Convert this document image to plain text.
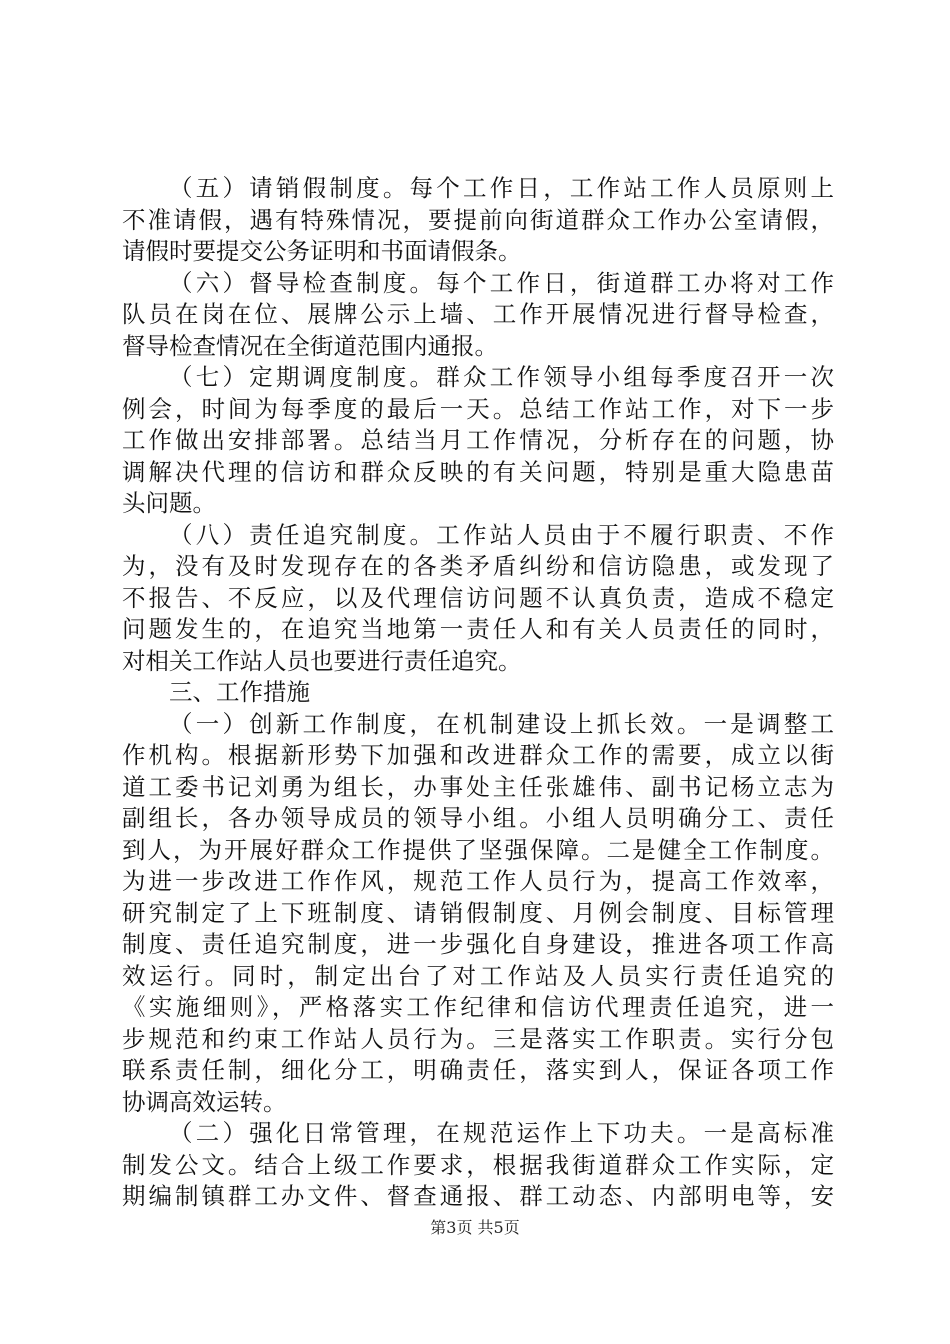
（五）请销假制度。每个工作日，工作站工作人员原则上
不准请假，遇有特殊情况，要提前向街道群众工作办公室请假，
请假时要提交公务证明和书面请假条。
（六）督导检查制度。每个工作日，街道群工办将对工作
队员在岗在位、展牌公示上墙、工作开展情况进行督导检查，
督导检查情况在全街道范围内通报。
（七）定期调度制度。群众工作领导小组每季度召开一次
例会，时间为每季度的最后一天。总结工作站工作，对下一步
工作做出安排部署。总结当月工作情况，分析存在的问题，协
调解决代理的信访和群众反映的有关问题，特别是重大隐患苗
头问题。
（八）责任追究制度。工作站人员由于不履行职责、不作
为，没有及时发现存在的各类矛盾纠纷和信访隐患，或发现了
不报告、不反应，以及代理信访问题不认真负责，造成不稳定
问题发生的，在追究当地第一责任人和有关人员责任的同时，
对相关工作站人员也要进行责任追究。
三、工作措施
（一）创新工作制度，在机制建设上抓长效。一是调整工
作机构。根据新形势下加强和改进群众工作的需要，成立以街
道工委书记刘勇为组长，办事处主任张雄伟、副书记杨立志为
副组长，各办领导成员的领导小组。小组人员明确分工、责任
到人，为开展好群众工作提供了坚强保障。二是健全工作制度。
为进一步改进工作作风，规范工作人员行为，提高工作效率，
研究制定了上下班制度、请销假制度、月例会制度、目标管理
制度、责任追究制度，进一步强化自身建设，推进各项工作高
效运行。同时，制定出台了对工作站及人员实行责任追究的
《实施细则》，严格落实工作纪律和信访代理责任追究，进一
步规范和约束工作站人员行为。三是落实工作职责。实行分包
联系责任制，细化分工，明确责任，落实到人，保证各项工作
协调高效运转。
（二）强化日常管理，在规范运作上下功夫。一是高标准
制发公文。结合上级工作要求，根据我街道群众工作实际，定
期编制镇群工办文件、督查通报、群工动态、内部明电等，安
第3页 共5页
